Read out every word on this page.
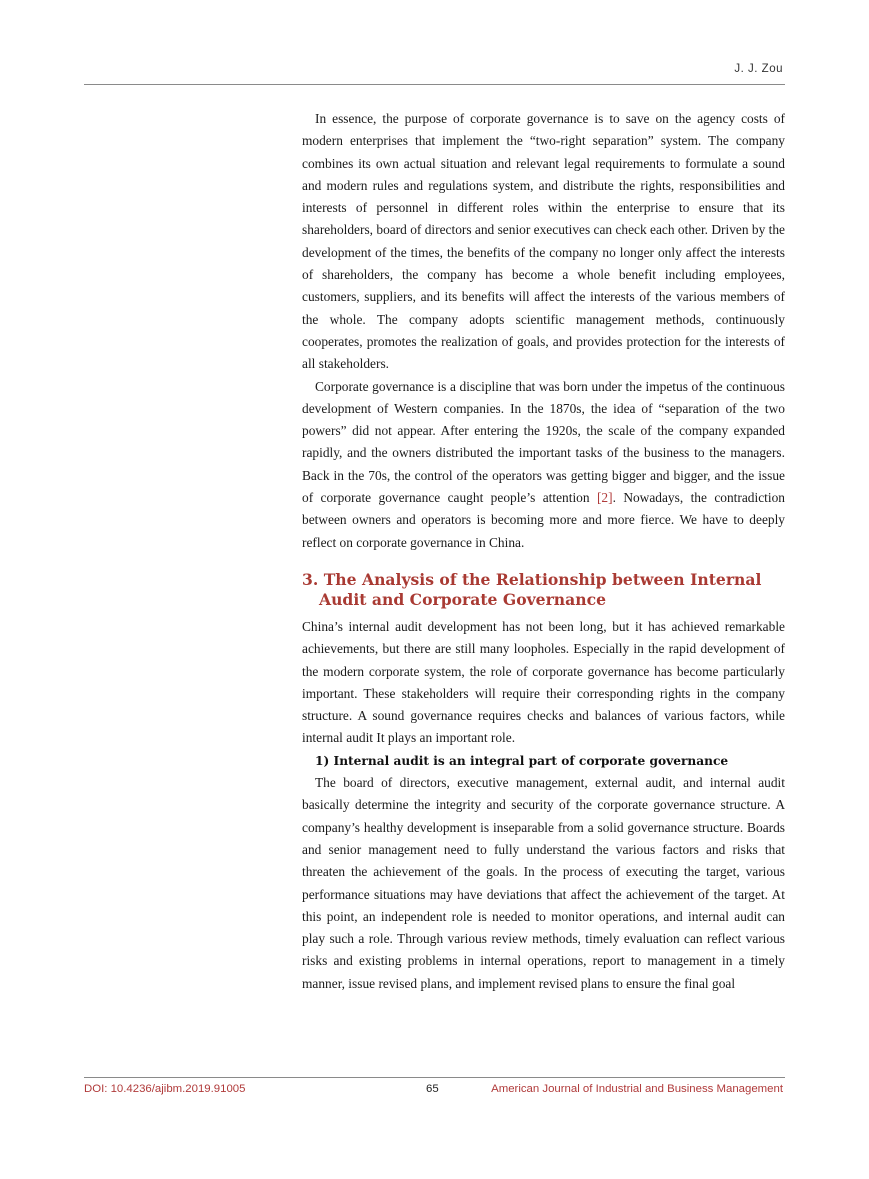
J. J. Zou

In essence, the purpose of corporate governance is to save on the agency costs of modern enterprises that implement the “two-right separation” system. The company combines its own actual situation and relevant legal requirements to formulate a sound and modern rules and regulations system, and distribute the rights, responsibilities and interests of personnel in different roles within the enterprise to ensure that its shareholders, board of directors and senior executives can check each other. Driven by the development of the times, the benefits of the company no longer only affect the interests of shareholders, the company has become a whole benefit including employees, customers, suppliers, and its benefits will affect the interests of the various members of the whole. The company adopts scientific management methods, continuously cooperates, promotes the realization of goals, and provides protection for the interests of all stakeholders.

Corporate governance is a discipline that was born under the impetus of the continuous development of Western companies. In the 1870s, the idea of “separation of the two powers” did not appear. After entering the 1920s, the scale of the company expanded rapidly, and the owners distributed the important tasks of the business to the managers. Back in the 70s, the control of the operators was getting bigger and bigger, and the issue of corporate governance caught people’s attention [2]. Nowadays, the contradiction between owners and operators is becoming more and more fierce. We have to deeply reflect on corporate governance in China.

3. The Analysis of the Relationship between Internal Audit and Corporate Governance

China’s internal audit development has not been long, but it has achieved remarkable achievements, but there are still many loopholes. Especially in the rapid development of the modern corporate system, the role of corporate governance has become particularly important. These stakeholders will require their corresponding rights in the company structure. A sound governance requires checks and balances of various factors, while internal audit It plays an important role.

1) Internal audit is an integral part of corporate governance

The board of directors, executive management, external audit, and internal audit basically determine the integrity and security of the corporate governance structure. A company’s healthy development is inseparable from a solid governance structure. Boards and senior management need to fully understand the various factors and risks that threaten the achievement of the goals. In the process of executing the target, various performance situations may have deviations that affect the achievement of the target. At this point, an independent role is needed to monitor operations, and internal audit can play such a role. Through various review methods, timely evaluation can reflect various risks and existing problems in internal operations, report to management in a timely manner, issue revised plans, and implement revised plans to ensure the final goal

DOI: 10.4236/ajibm.2019.91005	65	American Journal of Industrial and Business Management
